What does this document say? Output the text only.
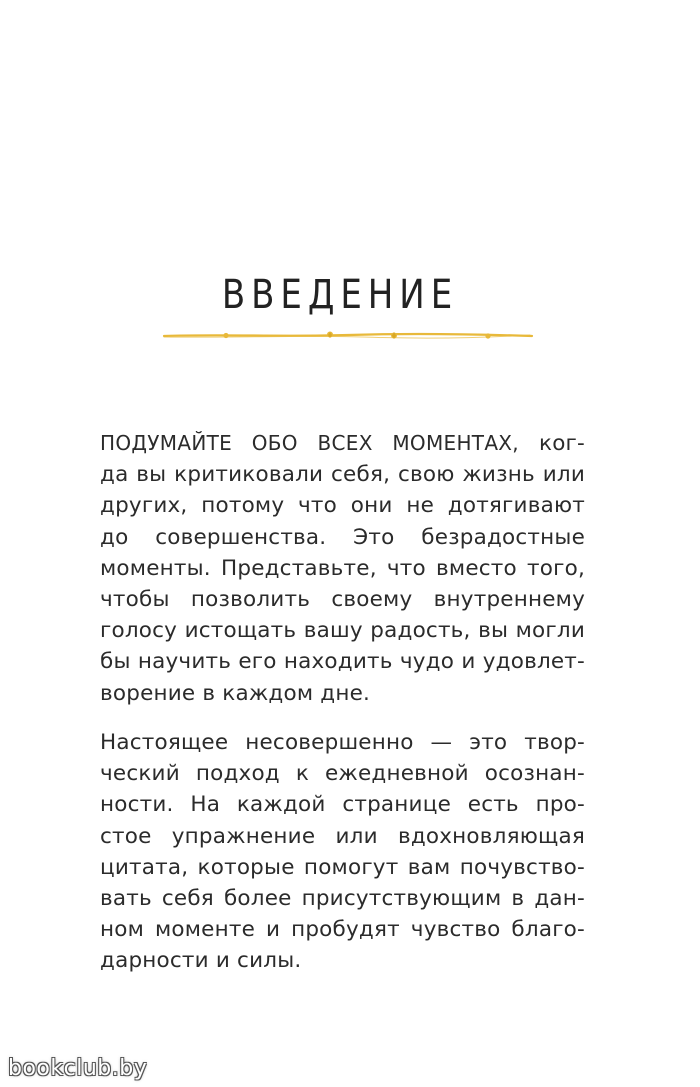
ВВЕДЕНИЕ
ПОДУМАЙТЕ ОБО ВСЕХ МОМЕНТАХ, ког-
да вы критиковали себя, свою жизнь или
других, потому что они не дотягивают
до совершенства. Это безрадостные
моменты. Представьте, что вместо того,
чтобы позволить своему внутреннему
голосу истощать вашу радость, вы могли
бы научить его находить чудо и удовлет-
ворение в каждом дне.
Настоящее несовершенно — это твор-
ческий подход к ежедневной осознан-
ности. На каждой странице есть про-
стое упражнение или вдохновляющая
цитата, которые помогут вам почувство-
вать себя более присутствующим в дан-
ном моменте и пробудят чувство благо-
дарности и силы.
bookclub.by
